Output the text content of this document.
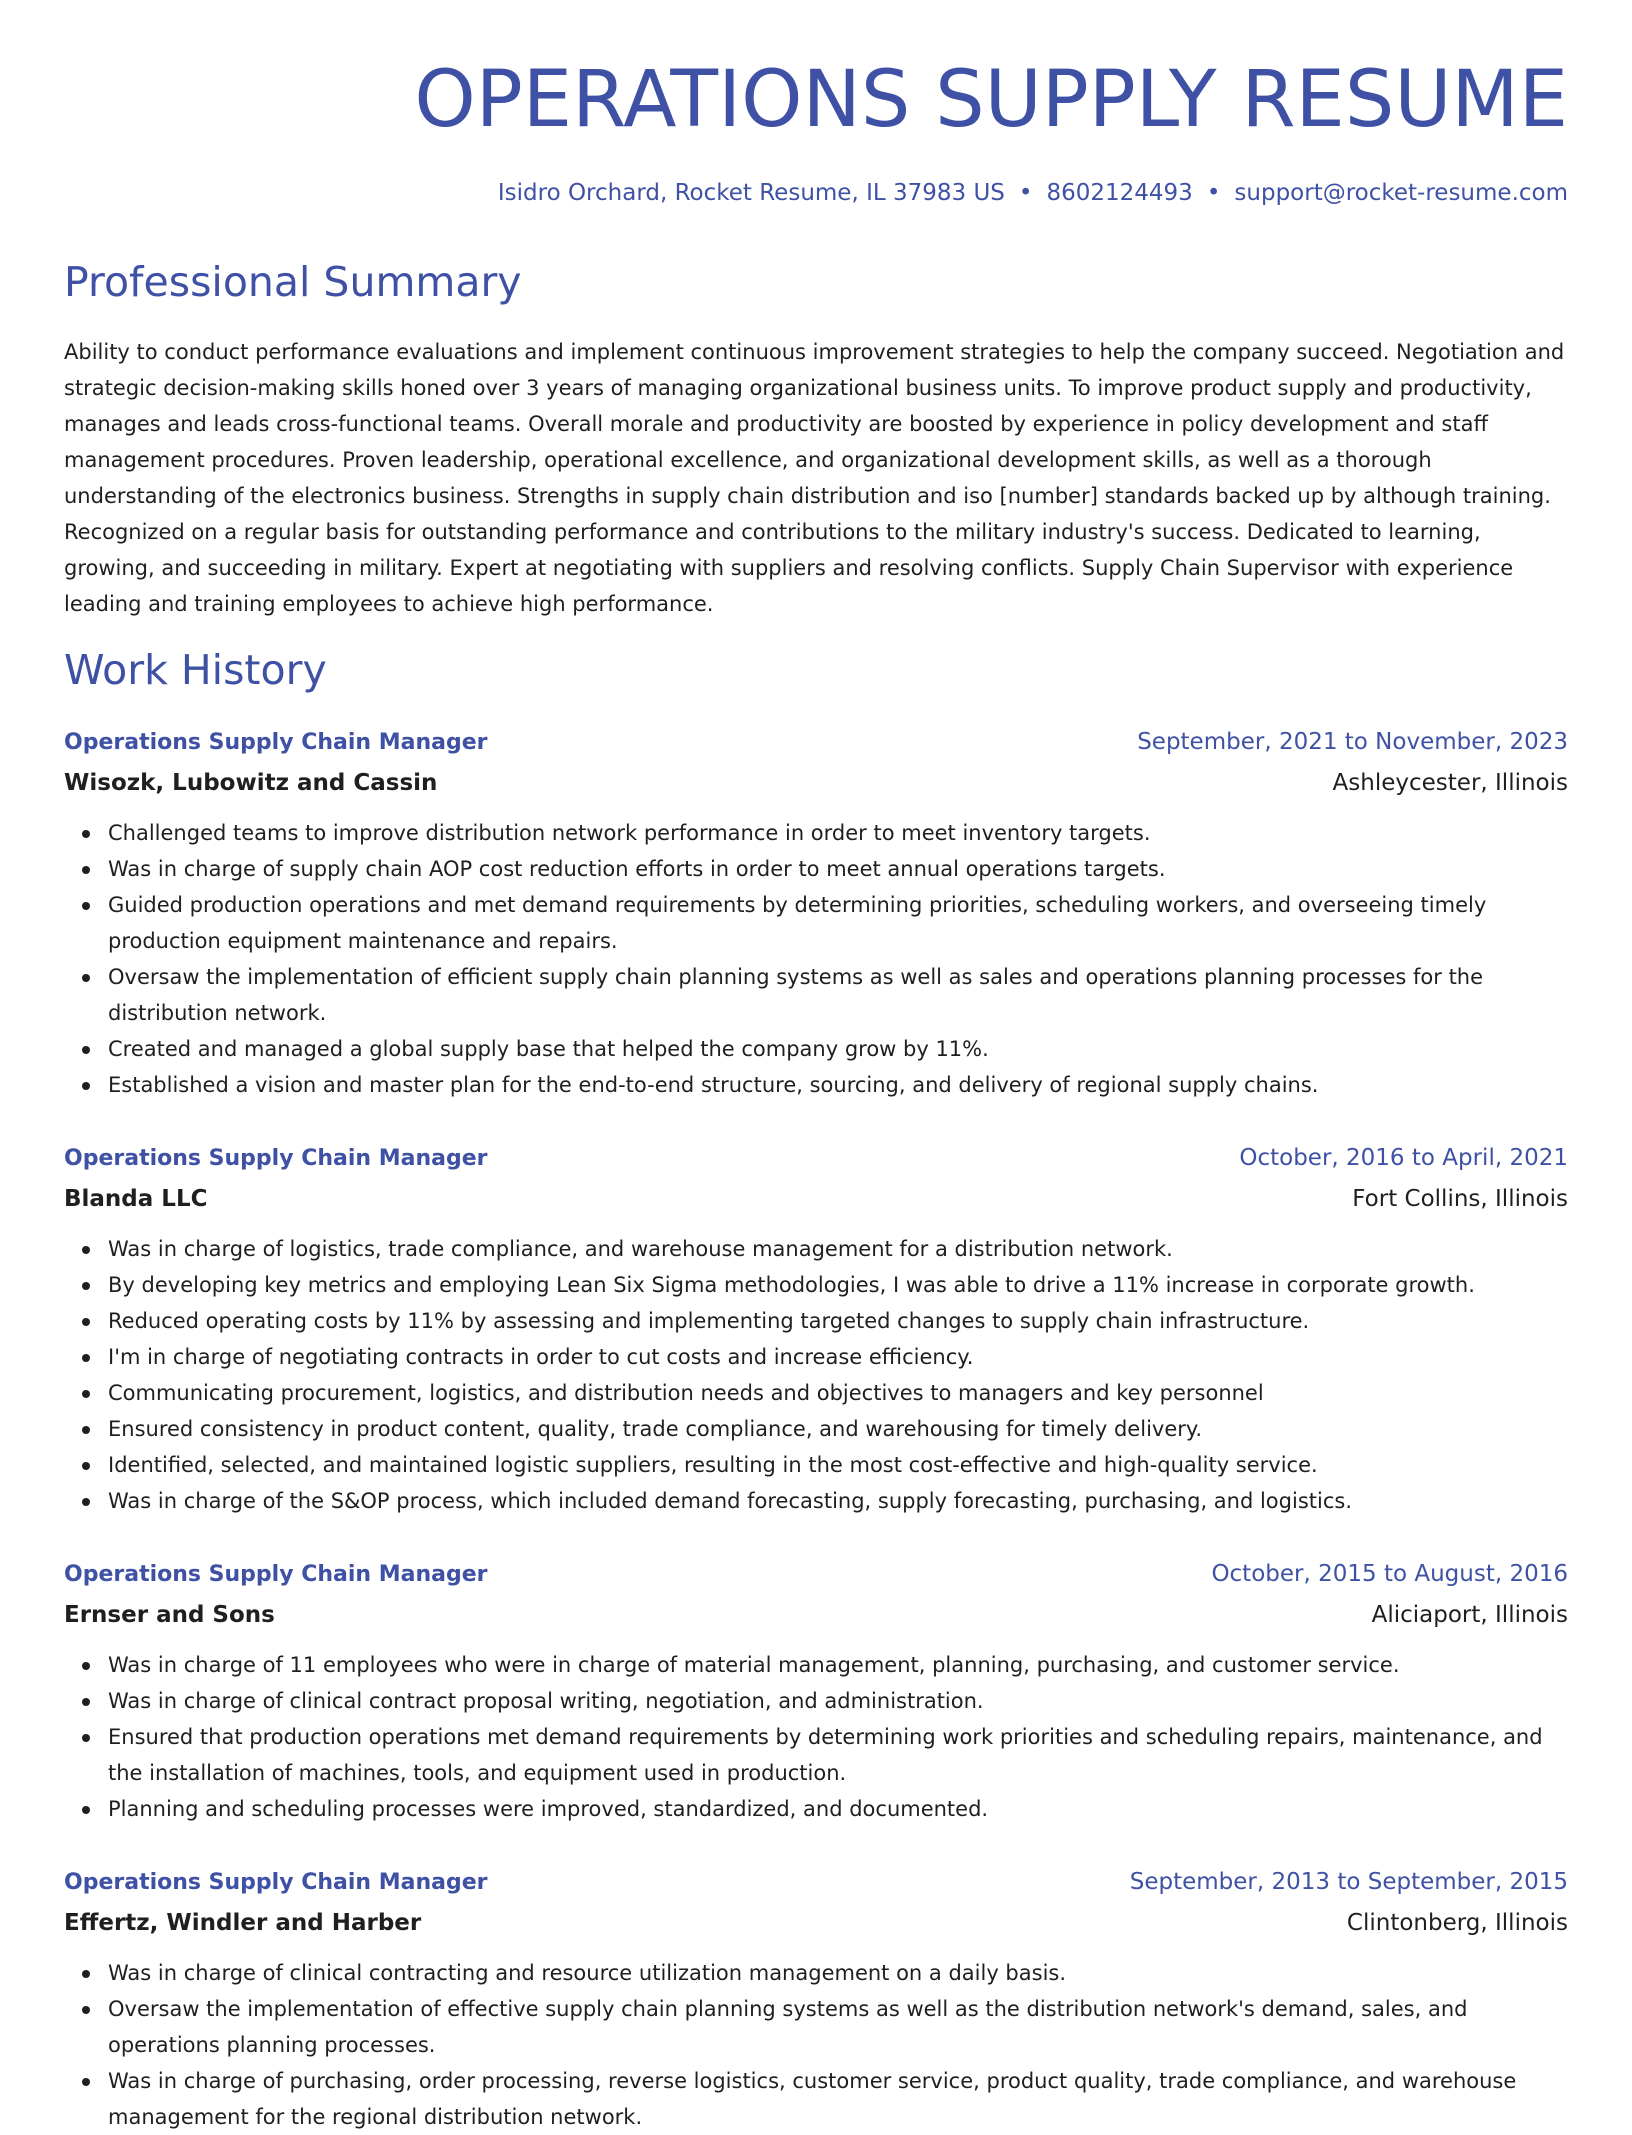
OPERATIONS SUPPLY RESUME
Isidro Orchard, Rocket Resume, IL 37983 US • 8602124493 • support@rocket-resume.com
Professional Summary

Ability to conduct performance evaluations and implement continuous improvement strategies to help the company succeed. Negotiation and strategic decision-making skills honed over 3 years of managing organizational business units. To improve product supply and productivity, manages and leads cross-functional teams. Overall morale and productivity are boosted by experience in policy development and staff management procedures. Proven leadership, operational excellence, and organizational development skills, as well as a thorough understanding of the electronics business. Strengths in supply chain distribution and iso [number] standards backed up by although training. Recognized on a regular basis for outstanding performance and contributions to the military industry's success. Dedicated to learning, growing, and succeeding in military. Expert at negotiating with suppliers and resolving conflicts. Supply Chain Supervisor with experience leading and training employees to achieve high performance.

Work History
Operations Supply Chain Manager	September, 2021 to November, 2023
Wisozk, Lubowitz and Cassin	Ashleycester, Illinois
Challenged teams to improve distribution network performance in order to meet inventory targets.
Was in charge of supply chain AOP cost reduction efforts in order to meet annual operations targets.
Guided production operations and met demand requirements by determining priorities, scheduling workers, and overseeing timely production equipment maintenance and repairs.
Oversaw the implementation of efficient supply chain planning systems as well as sales and operations planning processes for the distribution network.
Created and managed a global supply base that helped the company grow by 11%.
Established a vision and master plan for the end-to-end structure, sourcing, and delivery of regional supply chains.
Operations Supply Chain Manager	October, 2016 to April, 2021
Blanda LLC	Fort Collins, Illinois
Was in charge of logistics, trade compliance, and warehouse management for a distribution network.
By developing key metrics and employing Lean Six Sigma methodologies, I was able to drive a 11% increase in corporate growth.
Reduced operating costs by 11% by assessing and implementing targeted changes to supply chain infrastructure.
I'm in charge of negotiating contracts in order to cut costs and increase efficiency.
Communicating procurement, logistics, and distribution needs and objectives to managers and key personnel
Ensured consistency in product content, quality, trade compliance, and warehousing for timely delivery.
Identified, selected, and maintained logistic suppliers, resulting in the most cost-effective and high-quality service.
Was in charge of the S&OP process, which included demand forecasting, supply forecasting, purchasing, and logistics.
Operations Supply Chain Manager	October, 2015 to August, 2016
Ernser and Sons	Aliciaport, Illinois
Was in charge of 11 employees who were in charge of material management, planning, purchasing, and customer service.
Was in charge of clinical contract proposal writing, negotiation, and administration.
Ensured that production operations met demand requirements by determining work priorities and scheduling repairs, maintenance, and the installation of machines, tools, and equipment used in production.
Planning and scheduling processes were improved, standardized, and documented.
Operations Supply Chain Manager	September, 2013 to September, 2015
Effertz, Windler and Harber	Clintonberg, Illinois
Was in charge of clinical contracting and resource utilization management on a daily basis.
Oversaw the implementation of effective supply chain planning systems as well as the distribution network's demand, sales, and operations planning processes.
Was in charge of purchasing, order processing, reverse logistics, customer service, product quality, trade compliance, and warehouse management for the regional distribution network.
